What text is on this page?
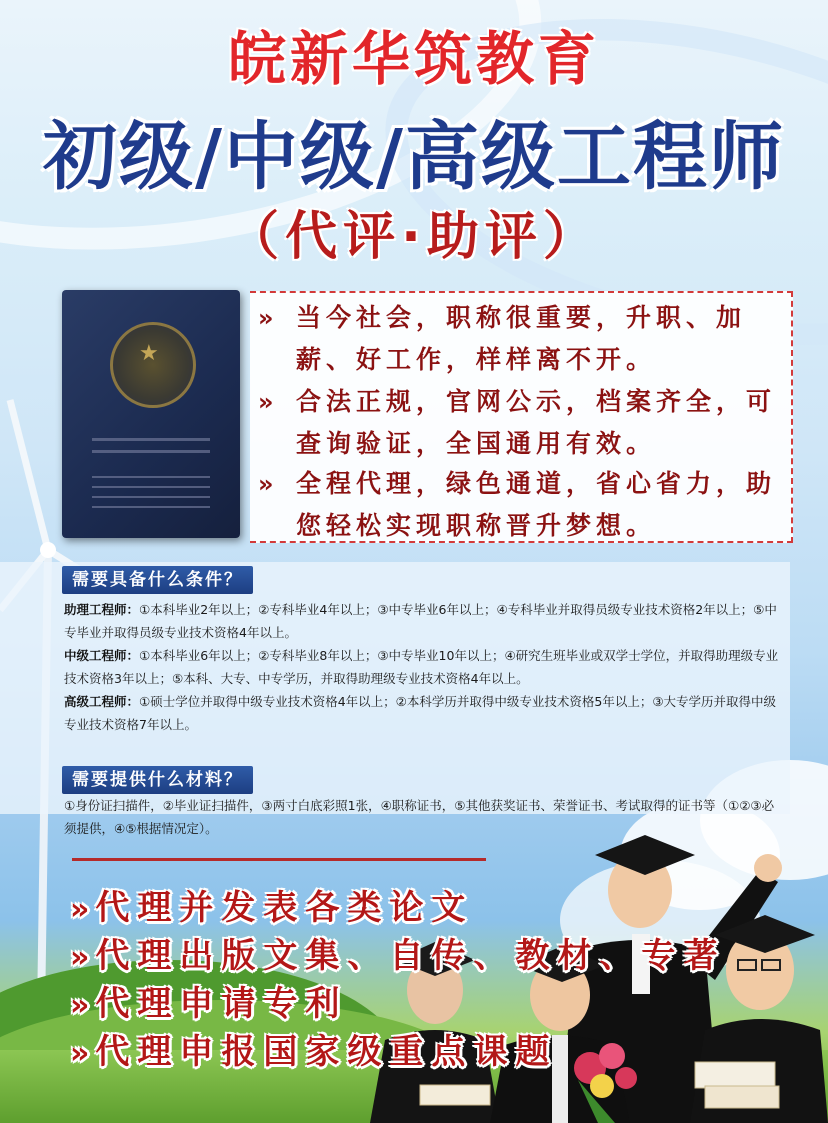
皖新华筑教育
初级/中级/高级工程师
（代评·助评）
★
» 当今社会，职称很重要，升职、加薪、好工作，样样离不开。
» 合法正规，官网公示，档案齐全，可查询验证，全国通用有效。
» 全程代理，绿色通道，省心省力，助您轻松实现职称晋升梦想。
需要具备什么条件？
助理工程师：①本科毕业2年以上；②专科毕业4年以上；③中专毕业6年以上；④专科毕业并取得员级专业技术资格2年以上；⑤中专毕业并取得员级专业技术资格4年以上。
中级工程师：①本科毕业6年以上；②专科毕业8年以上；③中专毕业10年以上；④研究生班毕业或双学士学位，并取得助理级专业技术资格3年以上；⑤本科、大专、中专学历，并取得助理级专业技术资格4年以上。
高级工程师：①硕士学位并取得中级专业技术资格4年以上；②本科学历并取得中级专业技术资格5年以上；③大专学历并取得中级专业技术资格7年以上。
需要提供什么材料？
①身份证扫描件，②毕业证扫描件，③两寸白底彩照1张，④职称证书，⑤其他获奖证书、荣誉证书、考试取得的证书等（①②③必须提供，④⑤根据情况定）。
» 代理并发表各类论文
» 代理出版文集、自传、教材、专著
» 代理申请专利
» 代理申报国家级重点课题
